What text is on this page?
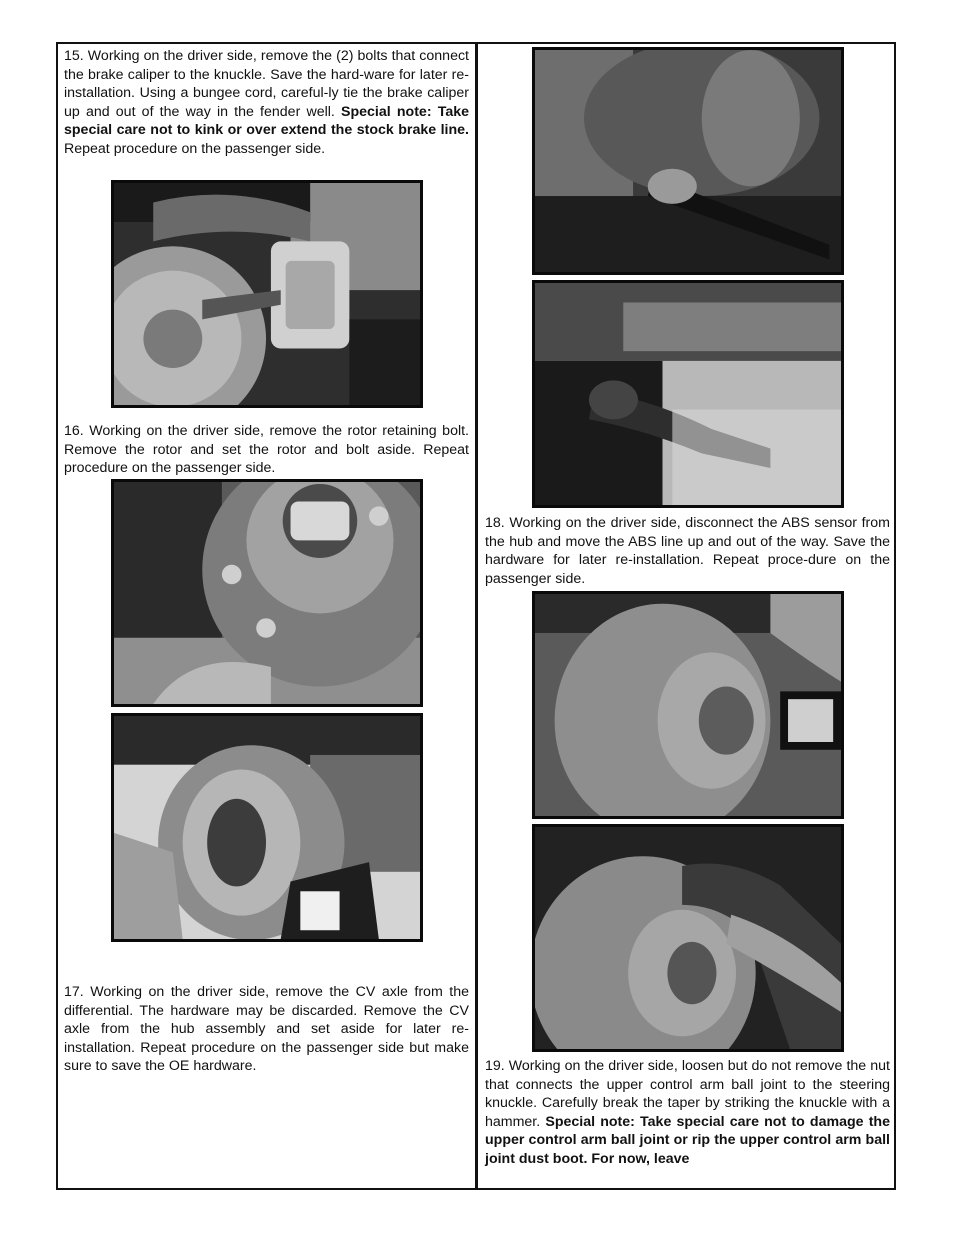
15. Working on the driver side, remove the (2) bolts that connect the brake caliper to the knuckle. Save the hard-ware for later re-installation. Using a bungee cord, careful-ly tie the brake caliper up and out of the way in the fender well. Special note: Take special care not to kink or over extend the stock brake line. Repeat procedure on the passenger side.

16. Working on the driver side, remove the rotor retaining bolt. Remove the rotor and set the rotor and bolt aside. Repeat procedure on the passenger side.

17. Working on the driver side, remove the CV axle from the differential. The hardware may be discarded. Remove the CV axle from the hub assembly and set aside for later re-installation. Repeat procedure on the passenger side but make sure to save the OE hardware.

18. Working on the driver side, disconnect the ABS sensor from the hub and move the ABS line up and out of the way. Save the hardware for later re-installation. Repeat proce-dure on the passenger side.

19. Working on the driver side, loosen but do not remove the nut that connects the upper control arm ball joint to the steering knuckle. Carefully break the taper by striking the knuckle with a hammer. Special note: Take special care not to damage the upper control arm ball joint or rip the upper control arm ball joint dust boot. For now, leave
